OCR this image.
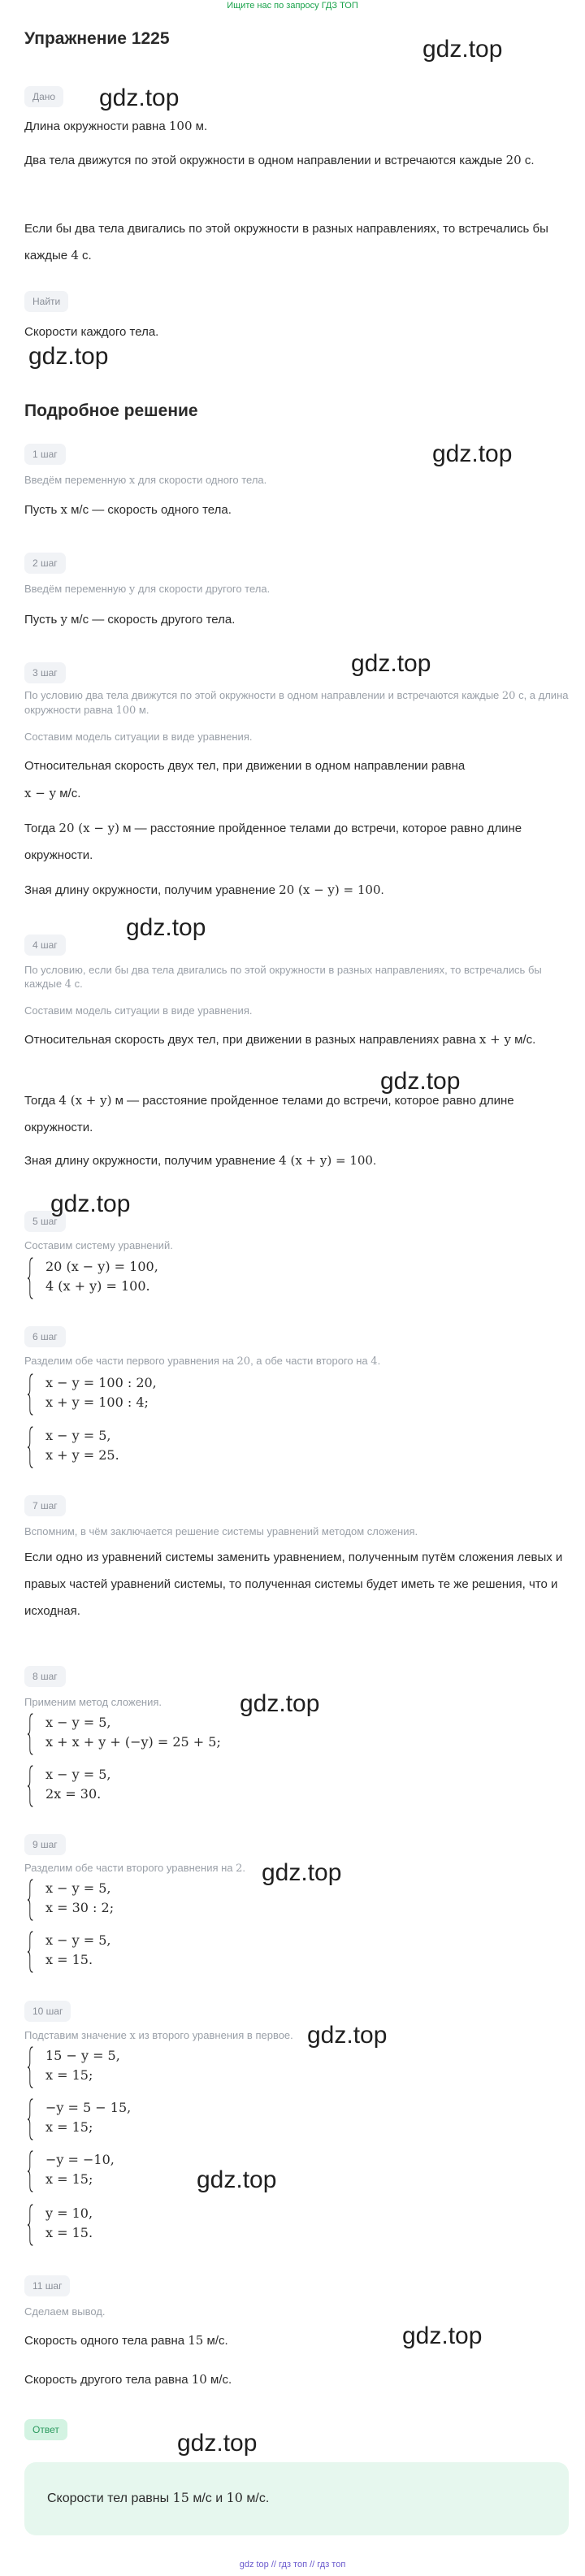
Ищите нас по запросу ГДЗ ТОП
Упражнение 1225
Дано

Длина окружности равна 100 м.

Два тела движутся по этой окружности в одном направлении и встречаются каждые 20 с.

Если бы два тела двигались по этой окружности в разных направлениях, то встречались бы каждые 4 с.

Найти

Скорости каждого тела.

Подробное решение
1 шаг

Введём переменную x для скорости одного тела.

Пусть x м/с — скорость одного тела.

2 шаг

Введём переменную y для скорости другого тела.

Пусть y м/с — скорость другого тела.

3 шаг

По условию два тела движутся по этой окружности в одном направлении и встречаются каждые 20 с, а длина окружности равна 100 м.

Составим модель ситуации в виде уравнения.

Относительная скорость двух тел, при движении в одном направлении равна

x − y м/с.

Тогда 20 (x − y) м — расстояние пройденное телами до встречи, которое равно длине окружности.

Зная длину окружности, получим уравнение 20 (x − y) = 100.

4 шаг

По условию, если бы два тела двигались по этой окружности в разных направлениях, то встречались бы каждые 4 с.

Составим модель ситуации в виде уравнения.

Относительная скорость двух тел, при движении в разных направлениях равна x + y м/с.

Тогда 4 (x + y) м — расстояние пройденное телами до встречи, которое равно длине окружности.

Зная длину окружности, получим уравнение 4 (x + y) = 100.

5 шаг

Составим систему уравнений.

20 (x − y) = 100,
4 (x + y) = 100.
6 шаг

Разделим обе части первого уравнения на 20, а обе части второго на 4.

x − y = 100 : 20,
x + y = 100 : 4;
x − y = 5,
x + y = 25.
7 шаг

Вспомним, в чём заключается решение системы уравнений методом сложения.

Если одно из уравнений системы заменить уравнением, полученным путём сложения левых и правых частей уравнений системы, то полученная системы будет иметь те же решения, что и исходная.

8 шаг

Применим метод сложения.

x − y = 5,
x + x + y + (−y) = 25 + 5;
x − y = 5,
2x = 30.
9 шаг

Разделим обе части второго уравнения на 2.

x − y = 5,
x = 30 : 2;
x − y = 5,
x = 15.
10 шаг

Подставим значение x из второго уравнения в первое.

15 − y = 5,
x = 15;
−y = 5 − 15,
x = 15;
−y = −10,
x = 15;
y = 10,
x = 15.
11 шаг

Сделаем вывод.

Скорость одного тела равна 15 м/с.

Скорость другого тела равна 10 м/с.

Ответ
Скорости тел равны 15 м/с и 10 м/с.
gdz.top
gdz.top
gdz.top
gdz.top
gdz.top
gdz.top
gdz.top
gdz.top
gdz.top
gdz.top
gdz.top
gdz.top
gdz.top
gdz.top
gdz top // гдз топ // гдз топ
